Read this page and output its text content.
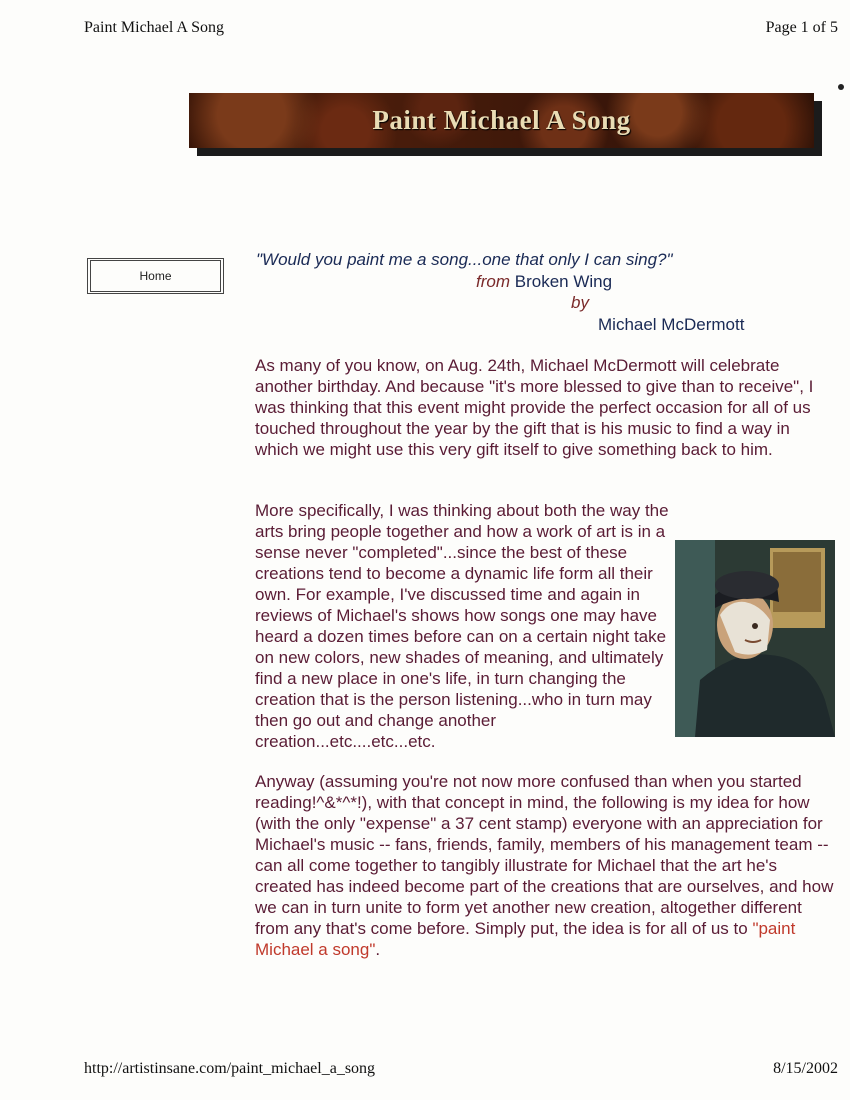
Paint Michael A Song	Page 1 of 5
Paint Michael A Song
Home
"Would you paint me a song...one that only I can sing?"
from Broken Wing
by
Michael McDermott

As many of you know, on Aug. 24th, Michael McDermott will celebrate another birthday. And because "it's more blessed to give than to receive", I was thinking that this event might provide the perfect occasion for all of us touched throughout the year by the gift that is his music to find a way in which we might use this very gift itself to give something back to him.

More specifically, I was thinking about both the way the arts bring people together and how a work of art is in a sense never "completed"...since the best of these creations tend to become a dynamic life form all their own. For example, I've discussed time and again in reviews of Michael's shows how songs one may have heard a dozen times before can on a certain night take on new colors, new shades of meaning, and ultimately find a new place in one's life, in turn changing the creation that is the person listening...who in turn may then go out and change another creation...etc....etc...etc.

Anyway (assuming you're not now more confused than when you started reading!^&*^*!), with that concept in mind, the following is my idea for how (with the only "expense" a 37 cent stamp) everyone with an appreciation for Michael's music -- fans, friends, family, members of his management team -- can all come together to tangibly illustrate for Michael that the art he's created has indeed become part of the creations that are ourselves, and how we can in turn unite to form yet another new creation, altogether different from any that's come before. Simply put, the idea is for all of us to "paint Michael a song".

http://artistinsane.com/paint_michael_a_song	8/15/2002
